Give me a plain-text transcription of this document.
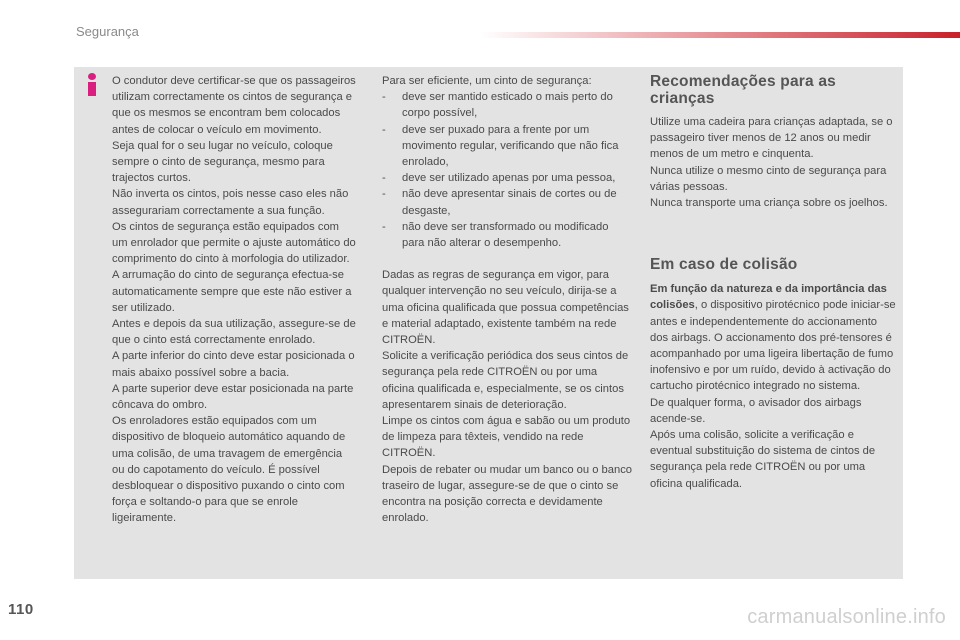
Segurança

O condutor deve certificar-se que os passageiros utilizam correctamente os cintos de segurança e que os mesmos se encontram bem colocados antes de colocar o veículo em movimento.

Seja qual for o seu lugar no veículo, coloque sempre o cinto de segurança, mesmo para trajectos curtos.

Não inverta os cintos, pois nesse caso eles não assegurariam correctamente a sua função.

Os cintos de segurança estão equipados com um enrolador que permite o ajuste automático do comprimento do cinto à morfologia do utilizador. A arrumação do cinto de segurança efectua-se automaticamente sempre que este não estiver a ser utilizado.

Antes e depois da sua utilização, assegure-se de que o cinto está correctamente enrolado.

A parte inferior do cinto deve estar posicionada o mais abaixo possível sobre a bacia.

A parte superior deve estar posicionada na parte côncava do ombro.

Os enroladores estão equipados com um dispositivo de bloqueio automático aquando de uma colisão, de uma travagem de emergência ou do capotamento do veículo. É possível desbloquear o dispositivo puxando o cinto com força e soltando-o para que se enrole ligeiramente.

Para ser eficiente, um cinto de segurança:

- deve ser mantido esticado o mais perto do corpo possível,
- deve ser puxado para a frente por um movimento regular, verificando que não fica enrolado,
- deve ser utilizado apenas por uma pessoa,
- não deve apresentar sinais de cortes ou de desgaste,
- não deve ser transformado ou modificado para não alterar o desempenho.

Dadas as regras de segurança em vigor, para qualquer intervenção no seu veículo, dirija-se a uma oficina qualificada que possua competências e material adaptado, existente também na rede CITROËN.

Solicite a verificação periódica dos seus cintos de segurança pela rede CITROËN ou por uma oficina qualificada e, especialmente, se os cintos apresentarem sinais de deterioração.

Limpe os cintos com água e sabão ou um produto de limpeza para têxteis, vendido na rede CITROËN.

Depois de rebater ou mudar um banco ou o banco traseiro de lugar, assegure-se de que o cinto se encontra na posição correcta e devidamente enrolado.

Recomendações para as crianças

Utilize uma cadeira para crianças adaptada, se o passageiro tiver menos de 12 anos ou medir menos de um metro e cinquenta.

Nunca utilize o mesmo cinto de segurança para várias pessoas.

Nunca transporte uma criança sobre os joelhos.

Em caso de colisão

Em função da natureza e da importância das colisões, o dispositivo pirotécnico pode iniciar-se antes e independentemente do accionamento dos airbags. O accionamento dos pré-tensores é acompanhado por uma ligeira libertação de fumo inofensivo e por um ruído, devido à activação do cartucho pirotécnico integrado no sistema.

De qualquer forma, o avisador dos airbags acende-se.

Após uma colisão, solicite a verificação e eventual substituição do sistema de cintos de segurança pela rede CITROËN ou por uma oficina qualificada.

110	carmanualsonline.info
